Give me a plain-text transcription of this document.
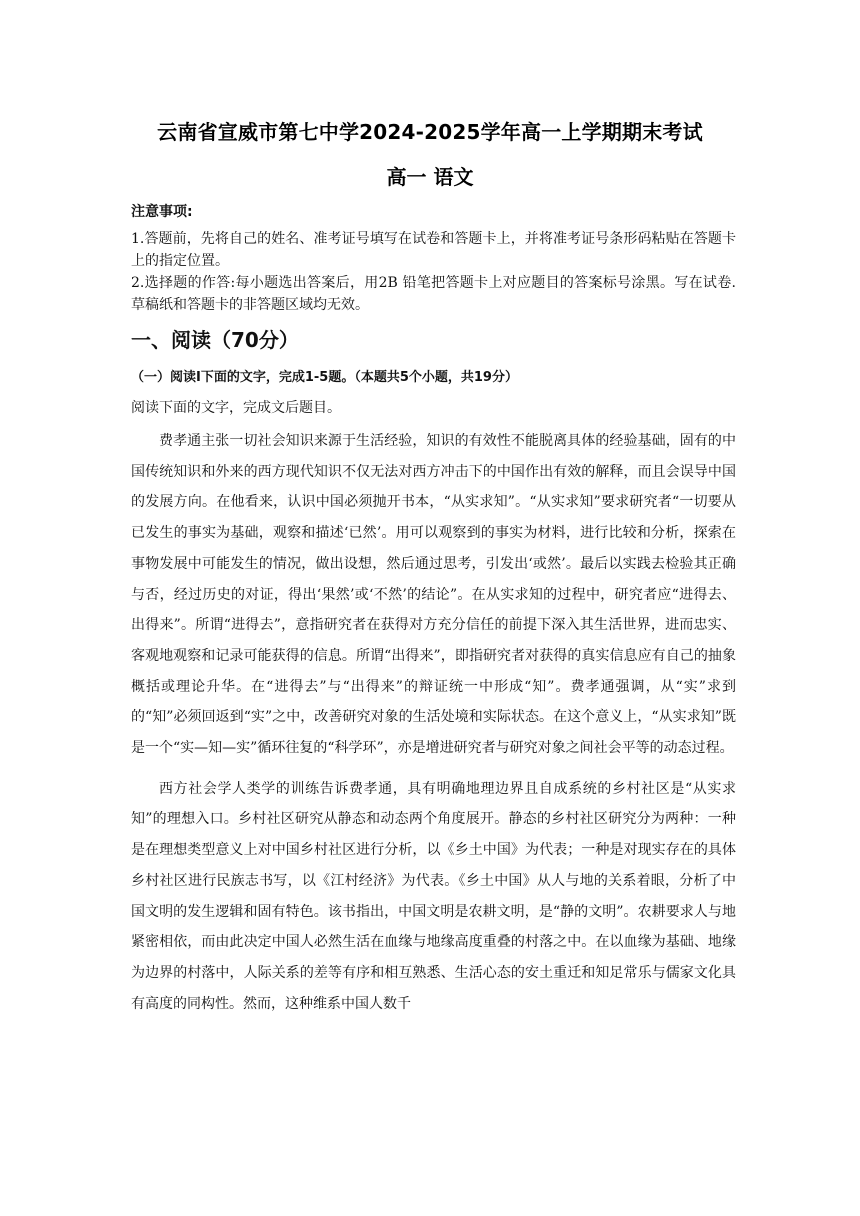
云南省宣威市第七中学2024-2025学年高一上学期期末考试
高一 语文

注意事项:

1.答题前，先将自己的姓名、准考证号填写在试卷和答题卡上，并将准考证号条形码粘贴在答题卡上的指定位置。

2.选择题的作答:每小题选出答案后，用2B 铅笔把答题卡上对应题目的答案标号涂黑。写在试卷.草稿纸和答题卡的非答题区域均无效。

一、阅读（70分）
（一）阅读Ⅰ下面的文字，完成1-5题。（本题共5个小题，共19分）

阅读下面的文字，完成文后题目。

费孝通主张一切社会知识来源于生活经验，知识的有效性不能脱离具体的经验基础，固有的中国传统知识和外来的西方现代知识不仅无法对西方冲击下的中国作出有效的解释，而且会误导中国的发展方向。在他看来，认识中国必须抛开书本，“从实求知”。“从实求知”要求研究者“一切要从已发生的事实为基础，观察和描述‘已然’。用可以观察到的事实为材料，进行比较和分析，探索在事物发展中可能发生的情况，做出设想，然后通过思考，引发出‘或然’。最后以实践去检验其正确与否，经过历史的对证，得出‘果然’或‘不然’的结论”。在从实求知的过程中，研究者应“进得去、出得来”。所谓“进得去”，意指研究者在获得对方充分信任的前提下深入其生活世界，进而忠实、客观地观察和记录可能获得的信息。所谓“出得来”，即指研究者对获得的真实信息应有自己的抽象概括或理论升华。在“进得去”与“出得来”的辩证统一中形成“知”。费孝通强调，从“实”求到的“知”必须回返到“实”之中，改善研究对象的生活处境和实际状态。在这个意义上，“从实求知”既是一个“实—知—实”循环往复的“科学环”，亦是增进研究者与研究对象之间社会平等的动态过程。

西方社会学人类学的训练告诉费孝通，具有明确地理边界且自成系统的乡村社区是“从实求知”的理想入口。乡村社区研究从静态和动态两个角度展开。静态的乡村社区研究分为两种：一种是在理想类型意义上对中国乡村社区进行分析，以《乡土中国》为代表；一种是对现实存在的具体乡村社区进行民族志书写，以《江村经济》为代表。《乡土中国》从人与地的关系着眼，分析了中国文明的发生逻辑和固有特色。该书指出，中国文明是农耕文明，是“静的文明”。农耕要求人与地紧密相依，而由此决定中国人必然生活在血缘与地缘高度重叠的村落之中。在以血缘为基础、地缘为边界的村落中，人际关系的差等有序和相互熟悉、生活心态的安土重迁和知足常乐与儒家文化具有高度的同构性。然而，这种维系中国人数千
